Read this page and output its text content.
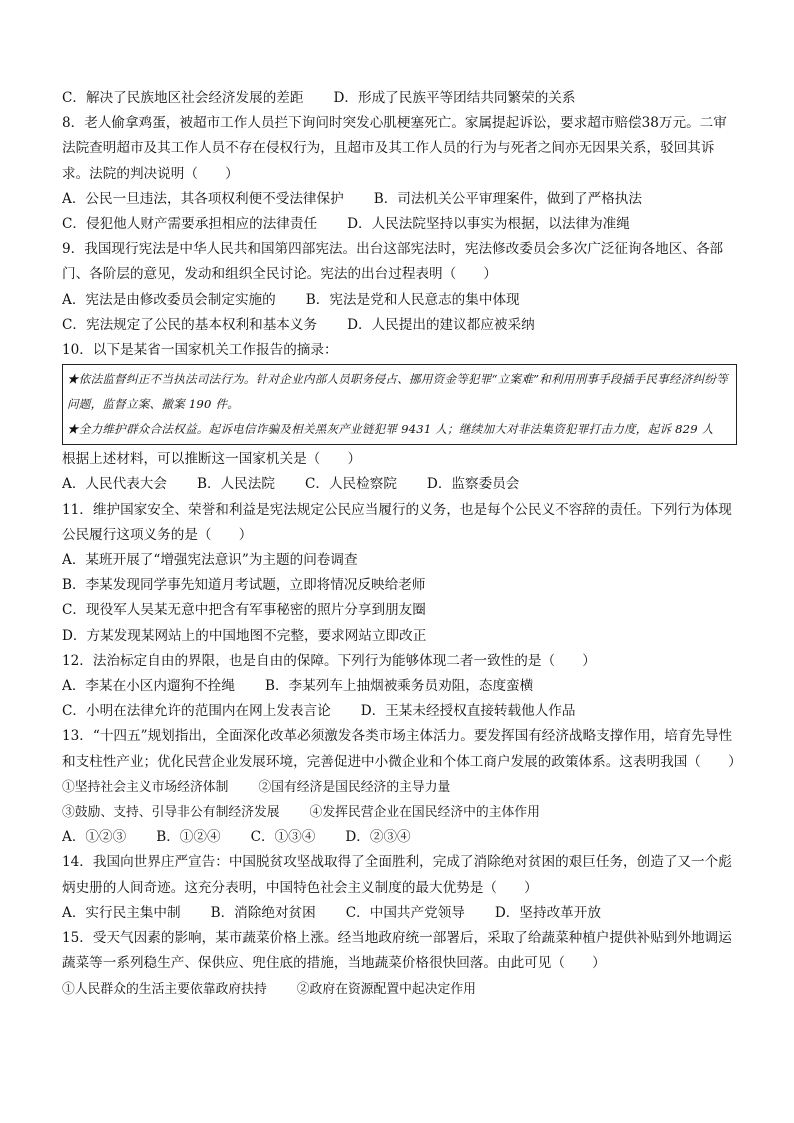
C．解决了民族地区社会经济发展的差距 D．形成了民族平等团结共同繁荣的关系
8．老人偷拿鸡蛋，被超市工作人员拦下询问时突发心肌梗塞死亡。家属提起诉讼，要求超市赔偿38万元。二审法院查明超市及其工作人员不存在侵权行为，且超市及其工作人员的行为与死者之间亦无因果关系，驳回其诉求。法院的判决说明（　　）
A．公民一旦违法，其各项权利便不受法律保护 B．司法机关公平审理案件，做到了严格执法
C．侵犯他人财产需要承担相应的法律责任 D．人民法院坚持以事实为根据，以法律为准绳
9．我国现行宪法是中华人民共和国第四部宪法。出台这部宪法时，宪法修改委员会多次广泛征询各地区、各部门、各阶层的意见，发动和组织全民讨论。宪法的出台过程表明（　　）
A．宪法是由修改委员会制定实施的 B．宪法是党和人民意志的集中体现
C．宪法规定了公民的基本权利和基本义务 D．人民提出的建议都应被采纳
10．以下是某省一国家机关工作报告的摘录：
★依法监督纠正不当执法司法行为。针对企业内部人员职务侵占、挪用资金等犯罪“立案难”和利用刑事手段插手民事经济纠纷等问题，监督立案、撤案 190 件。
★全力维护群众合法权益。起诉电信诈骗及相关黑灰产业链犯罪 9431 人；继续加大对非法集资犯罪打击力度，起诉 829 人
根据上述材料，可以推断这一国家机关是（　　）
A．人民代表大会 B．人民法院 C．人民检察院 D．监察委员会
11．维护国家安全、荣誉和利益是宪法规定公民应当履行的义务，也是每个公民义不容辞的责任。下列行为体现公民履行这项义务的是（　　）
A．某班开展了“增强宪法意识”为主题的问卷调查
B．李某发现同学事先知道月考试题，立即将情况反映给老师
C．现役军人吴某无意中把含有军事秘密的照片分享到朋友圈
D．方某发现某网站上的中国地图不完整，要求网站立即改正
12．法治标定自由的界限，也是自由的保障。下列行为能够体现二者一致性的是（　　）
A．李某在小区内遛狗不拴绳 B．李某列车上抽烟被乘务员劝阻，态度蛮横
C．小明在法律允许的范围内在网上发表言论 D．王某未经授权直接转载他人作品
13．“十四五”规划指出，全面深化改革必须激发各类市场主体活力。要发挥国有经济战略支撑作用，培育先导性和支柱性产业；优化民营企业发展环境，完善促进中小微企业和个体工商户发展的政策体系。这表明我国（　　）
①坚持社会主义市场经济体制 ②国有经济是国民经济的主导力量
③鼓励、支持、引导非公有制经济发展 ④发挥民营企业在国民经济中的主体作用
A．①②③ B．①②④ C．①③④ D．②③④
14．我国向世界庄严宣告：中国脱贫攻坚战取得了全面胜利，完成了消除绝对贫困的艰巨任务，创造了又一个彪炳史册的人间奇迹。这充分表明，中国特色社会主义制度的最大优势是（　　）
A．实行民主集中制 B．消除绝对贫困 C．中国共产党领导 D．坚持改革开放
15．受天气因素的影响，某市蔬菜价格上涨。经当地政府统一部署后，采取了给蔬菜种植户提供补贴到外地调运蔬菜等一系列稳生产、保供应、兜住底的措施，当地蔬菜价格很快回落。由此可见（　　）
①人民群众的生活主要依靠政府扶持 ②政府在资源配置中起决定作用
